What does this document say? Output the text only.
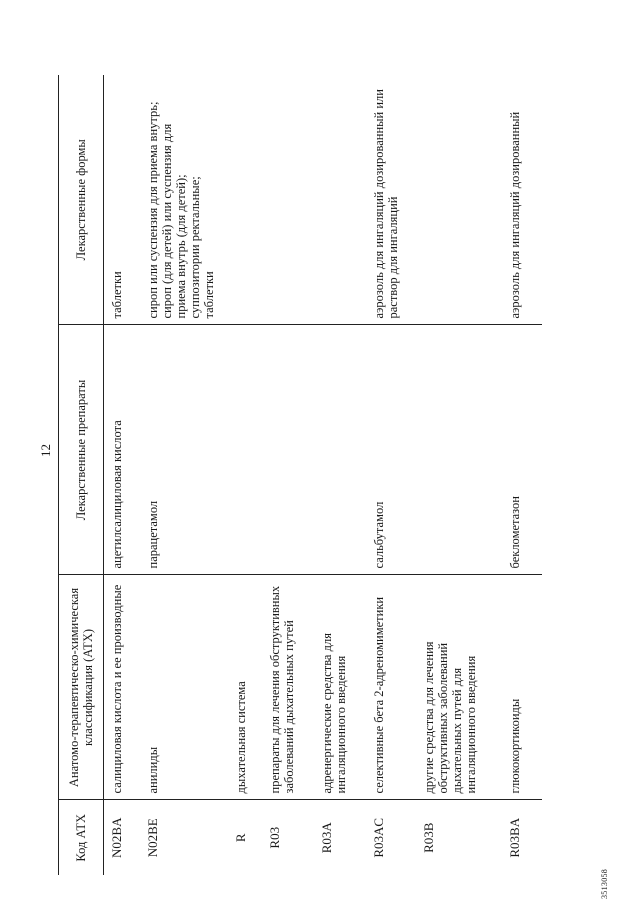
12
3513058
Код АТХ	Анатомо-терапевтическо-химическая классификация (АТХ)	Лекарственные препараты	Лекарственные формы
N02BA	салициловая кислота и ее производные	ацетилсалициловая кислота	таблетки

N02BE	анилиды	парацетамол	сироп или суспензия для приема внутрь; сироп (для детей) или суспензия для приема внутрь (для детей); суппозитории ректальные; таблетки

R	дыхательная система		

R03	препараты для лечения обструктивных заболеваний дыхательных путей		

R03A	адренергические средства для ингаляционного введения		

R03AC	селективные бета 2-адреномиметики	сальбутамол	аэрозоль для ингаляций дозированный или раствор для ингаляций

R03B	другие средства для лечения обструктивных заболеваний дыхательных путей для ингаляционного введения		

R03BA	глюкокортикоиды	беклометазон	аэрозоль для ингаляций дозированный
